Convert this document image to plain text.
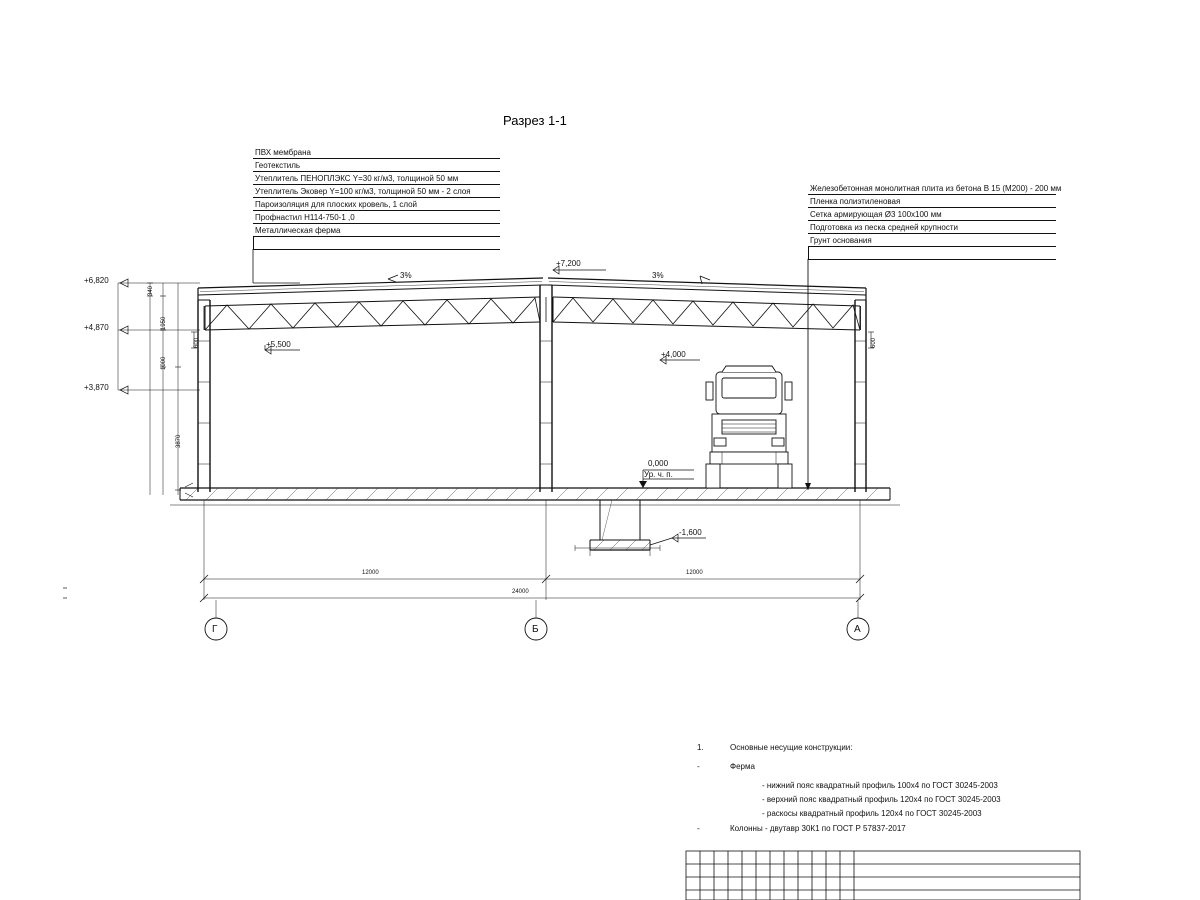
Разрез 1-1
ПВХ мембрана
Геотекстиль
Утеплитель ПЕНОПЛЭКС Y=30 кг/м3, толщиной 50 мм
Утеплитель Эковер Y=100 кг/м3, толщиной 50 мм - 2 слоя
Пароизоляция для плоских кровель, 1 слой
Профнастил Н114-750-1 ,0
Металлическая ферма
Железобетонная монолитная плита из бетона В 15 (М200) - 200 мм
Пленка полиэтиленовая
Сетка армирующая Ø3 100х100 мм
Подготовка из песка средней крупности
Грунт основания
+6,820
+4,870
+3,870
340
1950
1000
3870
600	600
+5,500
+7,200
+4,000
0,000
Ур. ч. п.
-1,600
3%	3%
12000	12000
24000
Г	Б	А
1.	Основные несущие конструкции:
-	Ферма
- нижний пояс квадратный профиль 100х4 по ГОСТ 30245-2003
- верхний пояс квадратный профиль 120х4 по ГОСТ 30245-2003
- раскосы квадратный профиль 120х4 по ГОСТ 30245-2003
-	Колонны - двутавр 30К1 по ГОСТ Р 57837-2017
